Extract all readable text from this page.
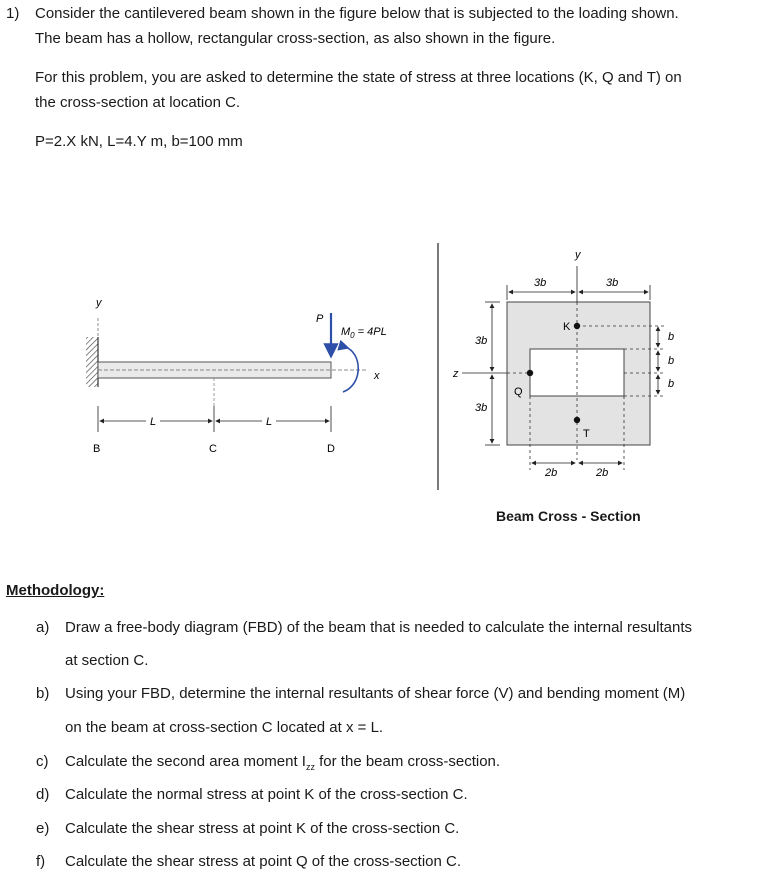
1) Consider the cantilevered beam shown in the figure below that is subjected to the loading shown.
The beam has a hollow, rectangular cross-section, as also shown in the figure.
For this problem, you are asked to determine the state of stress at three locations (K, Q and T) on
the cross-section at location C.
P=2.X kN, L=4.Y m, b=100 mm
y
x
P
$M_0 = 4PL$
L	L
B	C	D
y
z
K
Q
T
3b	3b
3b
3b
b
b
b
2b	2b
Beam Cross - Section
Methodology:
a) Draw a free-body diagram (FBD) of the beam that is needed to calculate the internal resultants
at section C.
b) Using your FBD, determine the internal resultants of shear force (V) and bending moment (M)
on the beam at cross-section C located at x = L.
c) Calculate the second area moment $I_{zz}$ for the beam cross-section.
d) Calculate the normal stress at point K of the cross-section C.
e) Calculate the shear stress at point K of the cross-section C.
f) Calculate the shear stress at point Q of the cross-section C.
